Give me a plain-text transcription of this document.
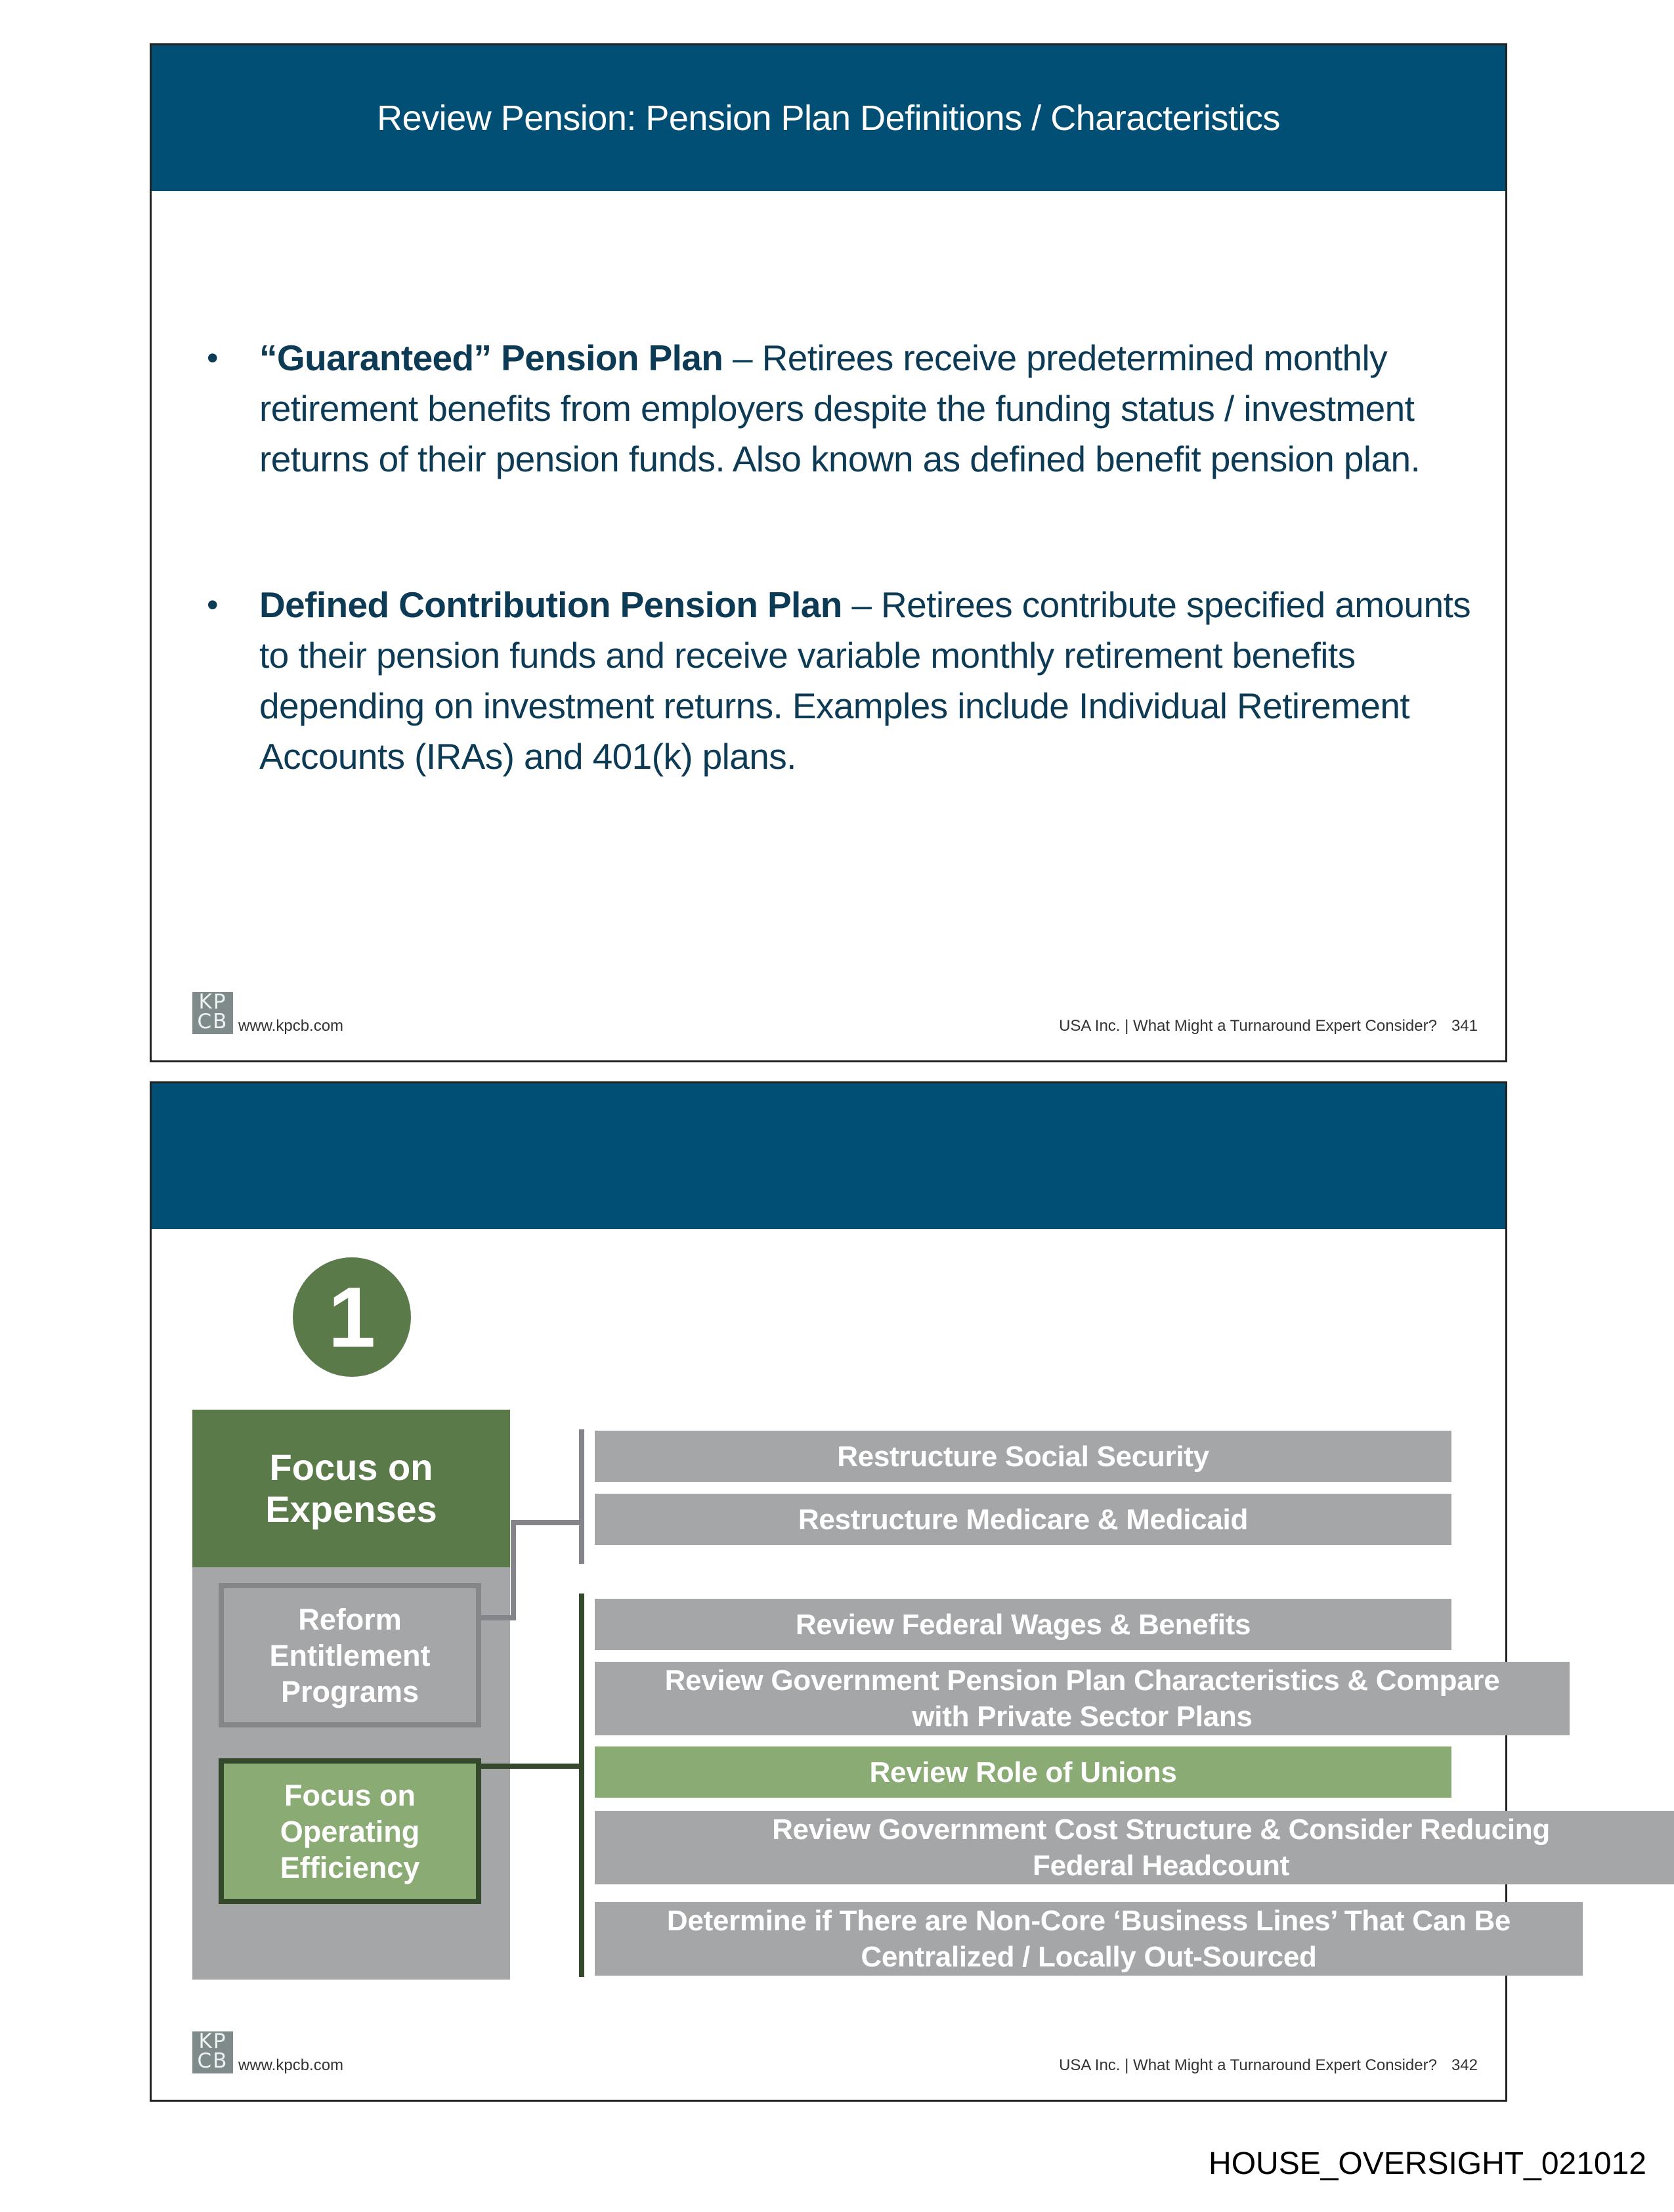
Review Pension: Pension Plan Definitions / Characteristics
• “Guaranteed” Pension Plan – Retirees receive predetermined monthly retirement benefits from employers despite the funding status / investment returns of their pension funds. Also known as defined benefit pension plan.
• Defined Contribution Pension Plan – Retirees contribute specified amounts to their pension funds and receive variable monthly retirement benefits depending on investment returns. Examples include Individual Retirement Accounts (IRAs) and 401(k) plans.
KP
CB www.kpcb.com	USA Inc. | What Might a Turnaround Expert Consider? 341
1
Focus on Expenses
Reform Entitlement Programs
Focus on Operating Efficiency
Restructure Social Security
Restructure Medicare & Medicaid
Review Federal Wages & Benefits
Review Government Pension Plan Characteristics & Compare with Private Sector Plans
Review Role of Unions
Review Government Cost Structure & Consider Reducing Federal Headcount
Determine if There are Non-Core ‘Business Lines’ That Can Be Centralized / Locally Out-Sourced
KP
CB www.kpcb.com	USA Inc. | What Might a Turnaround Expert Consider? 342
HOUSE_OVERSIGHT_021012
